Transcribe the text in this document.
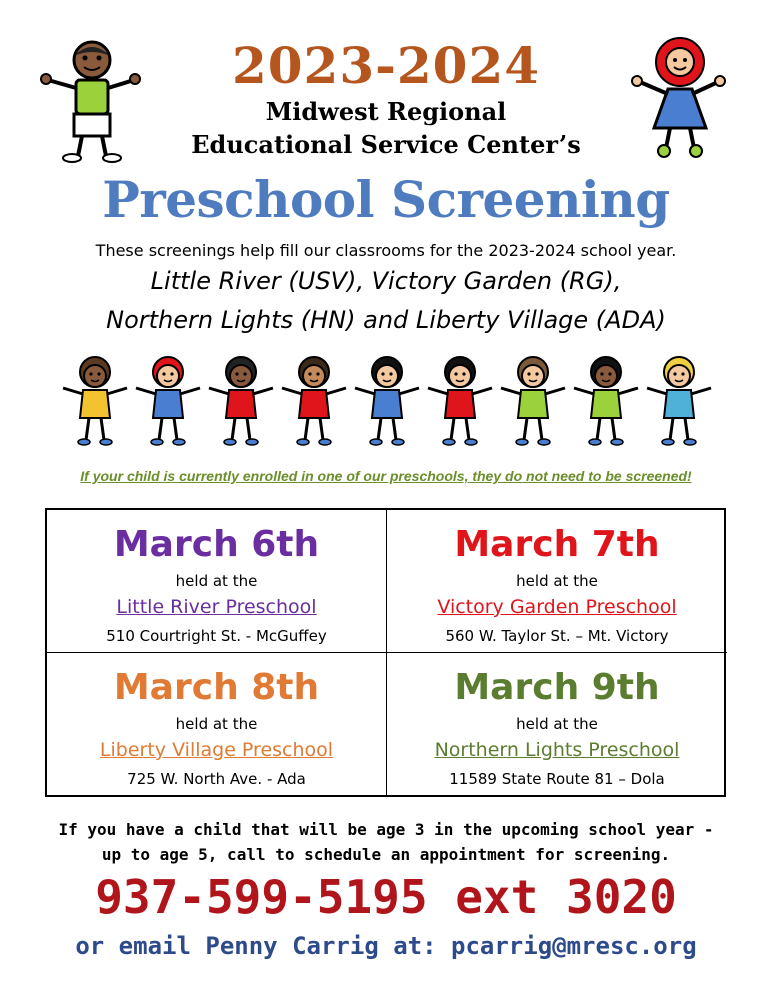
2023-2024
Midwest Regional
Educational Service Center’s
Preschool Screening
These screenings help fill our classrooms for the 2023-2024 school year.
Little River (USV), Victory Garden (RG),
Northern Lights (HN) and Liberty Village (ADA)
If your child is currently enrolled in one of our preschools, they do not need to be screened!
March 6th
held at the
Little River Preschool
510 Courtright St. - McGuffey
March 7th
held at the
Victory Garden Preschool
560 W. Taylor St. – Mt. Victory
March 8th
held at the
Liberty Village Preschool
725 W. North Ave. - Ada
March 9th
held at the
Northern Lights Preschool
11589 State Route 81 – Dola
If you have a child that will be age 3 in the upcoming school year -
up to age 5, call to schedule an appointment for screening.
937-599-5195 ext 3020
or email Penny Carrig at: pcarrig@mresc.org
